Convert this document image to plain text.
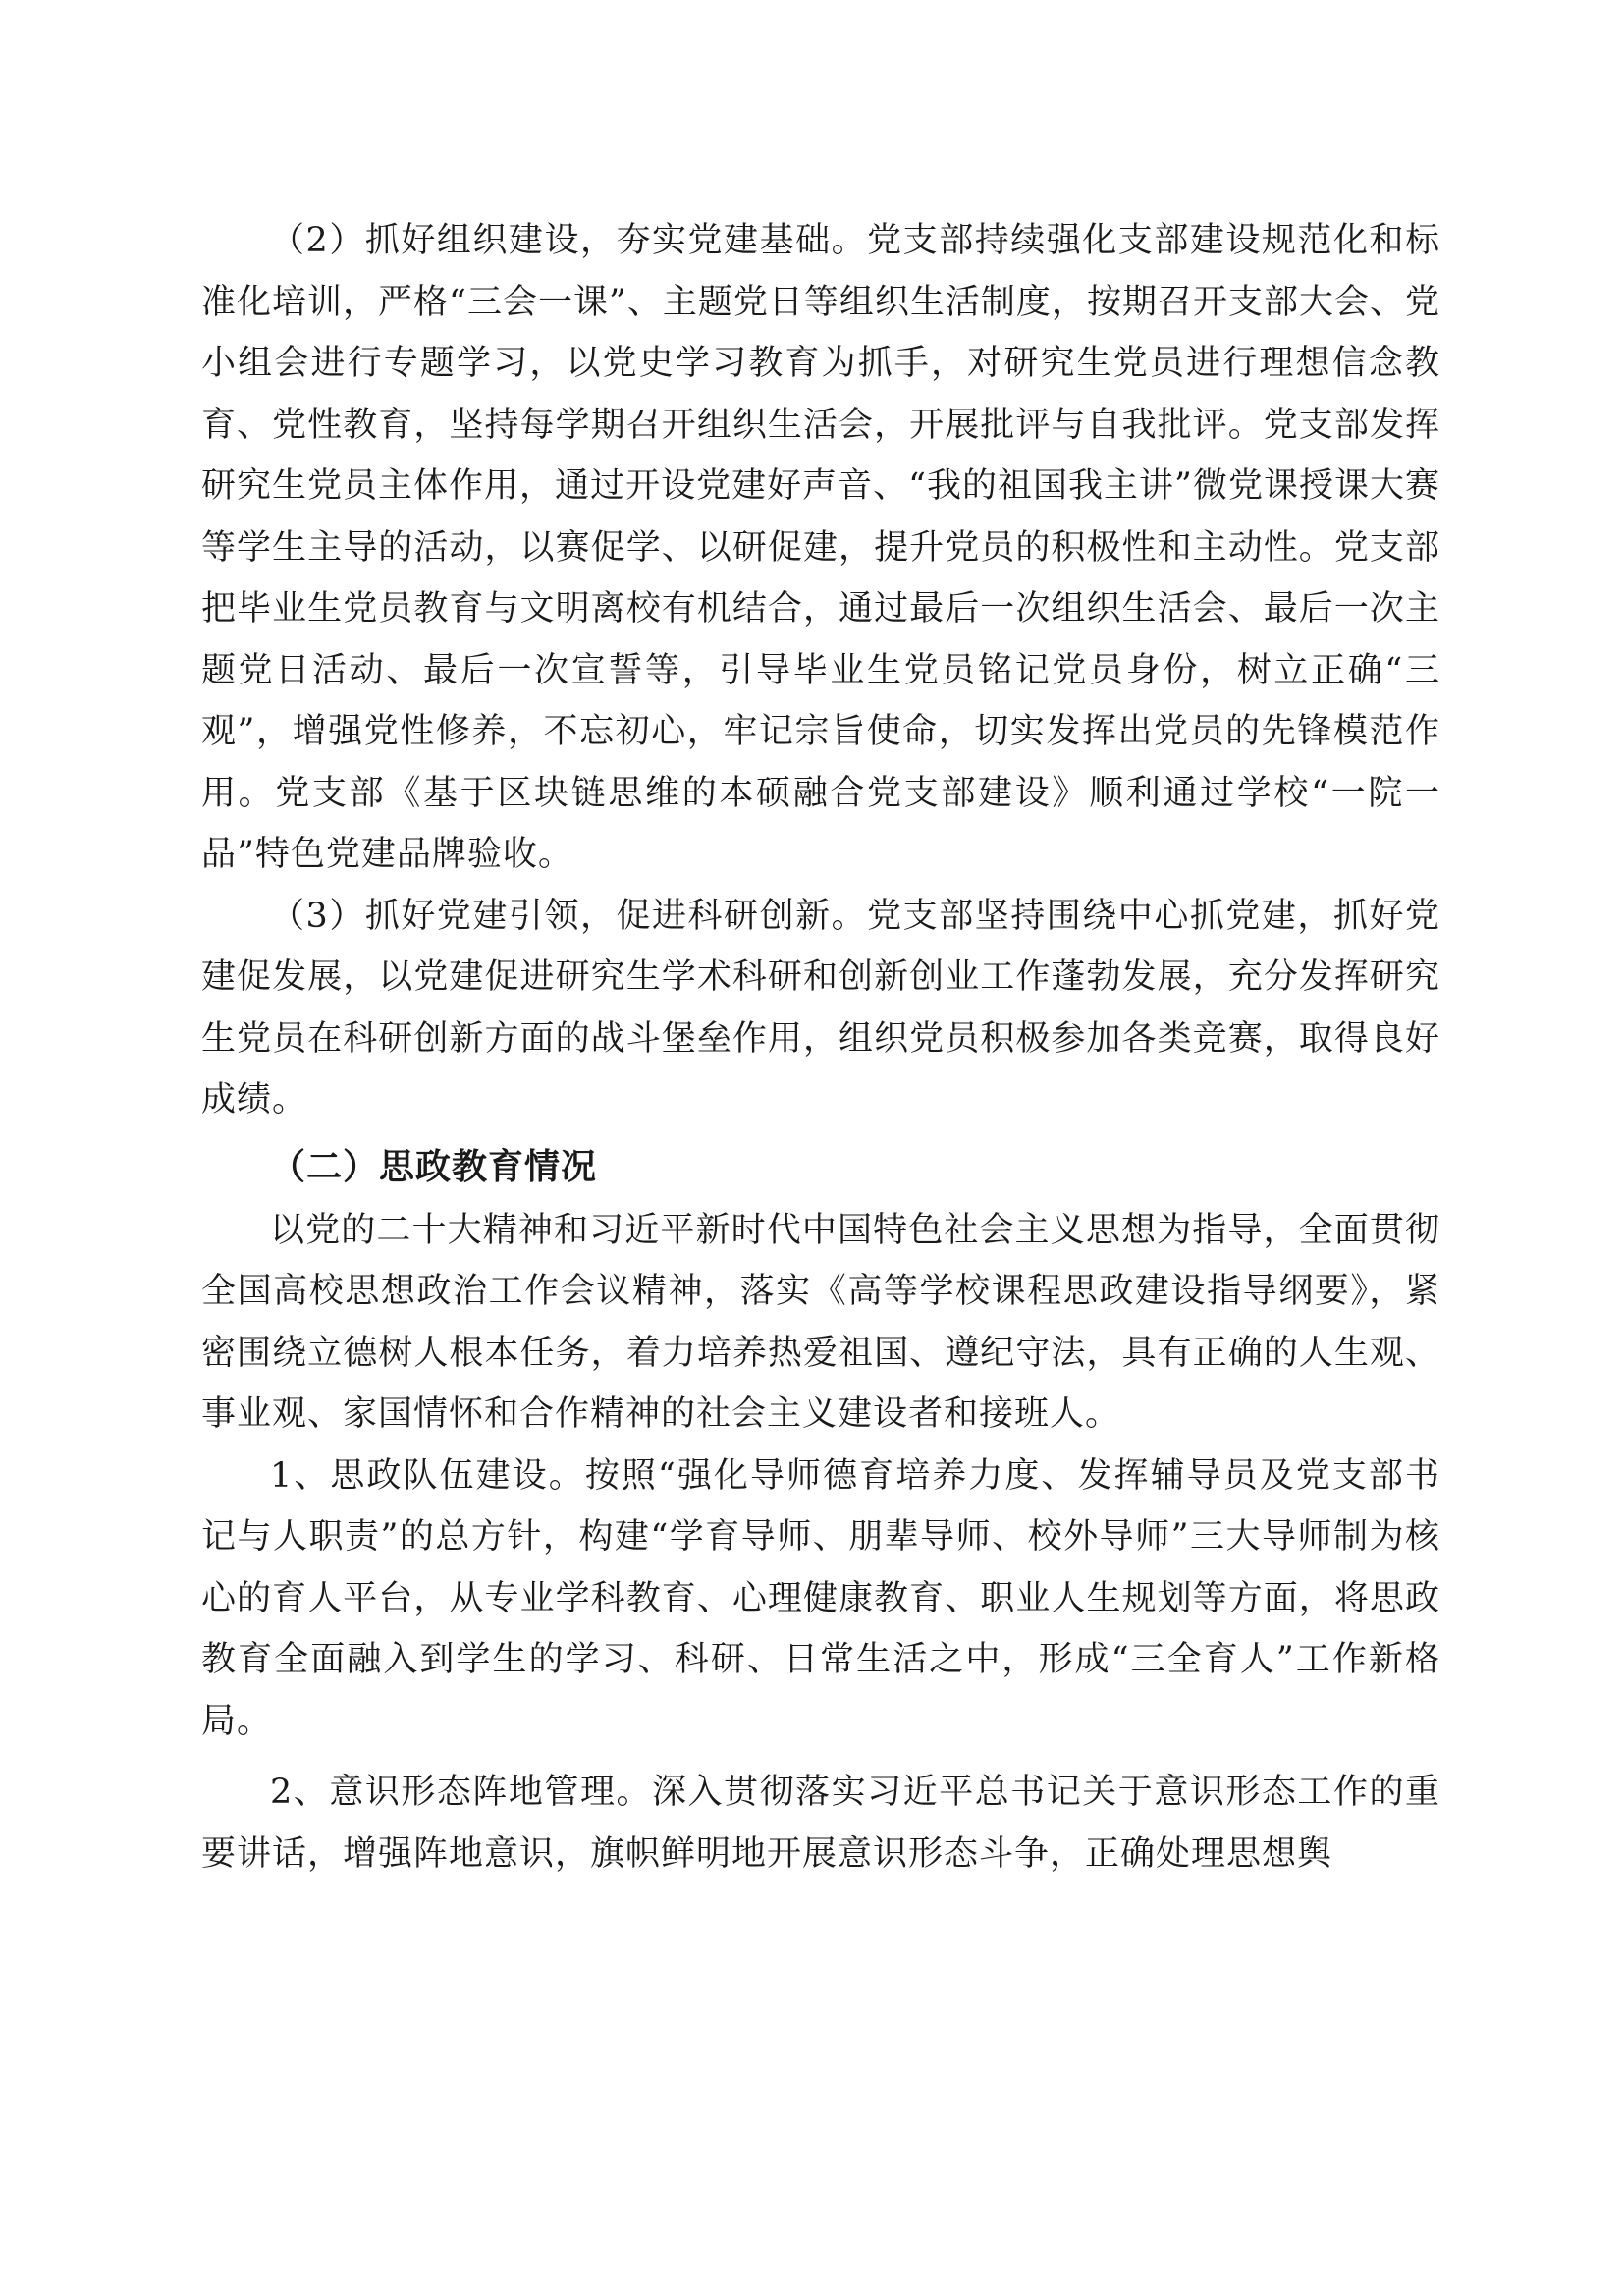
（2）抓好组织建设，夯实党建基础。党支部持续强化支部建设规范化和标准化培训，严格“三会一课”、主题党日等组织生活制度，按期召开支部大会、党小组会进行专题学习，以党史学习教育为抓手，对研究生党员进行理想信念教育、党性教育，坚持每学期召开组织生活会，开展批评与自我批评。党支部发挥研究生党员主体作用，通过开设党建好声音、“我的祖国我主讲”微党课授课大赛等学生主导的活动，以赛促学、以研促建，提升党员的积极性和主动性。党支部把毕业生党员教育与文明离校有机结合，通过最后一次组织生活会、最后一次主题党日活动、最后一次宣誓等，引导毕业生党员铭记党员身份，树立正确“三观”，增强党性修养，不忘初心，牢记宗旨使命，切实发挥出党员的先锋模范作用。党支部《基于区块链思维的本硕融合党支部建设》顺利通过学校“一院一品”特色党建品牌验收。

（3）抓好党建引领，促进科研创新。党支部坚持围绕中心抓党建，抓好党建促发展，以党建促进研究生学术科研和创新创业工作蓬勃发展，充分发挥研究生党员在科研创新方面的战斗堡垒作用，组织党员积极参加各类竞赛，取得良好成绩。

（二）思政教育情况

以党的二十大精神和习近平新时代中国特色社会主义思想为指导，全面贯彻全国高校思想政治工作会议精神，落实《高等学校课程思政建设指导纲要》，紧密围绕立德树人根本任务，着力培养热爱祖国、遵纪守法，具有正确的人生观、事业观、家国情怀和合作精神的社会主义建设者和接班人。

1、思政队伍建设。按照“强化导师德育培养力度、发挥辅导员及党支部书记与人职责”的总方针，构建“学育导师、朋辈导师、校外导师”三大导师制为核心的育人平台，从专业学科教育、心理健康教育、职业人生规划等方面，将思政教育全面融入到学生的学习、科研、日常生活之中，形成“三全育人”工作新格局。

2、意识形态阵地管理。深入贯彻落实习近平总书记关于意识形态工作的重要讲话，增强阵地意识，旗帜鲜明地开展意识形态斗争，正确处理思想舆
